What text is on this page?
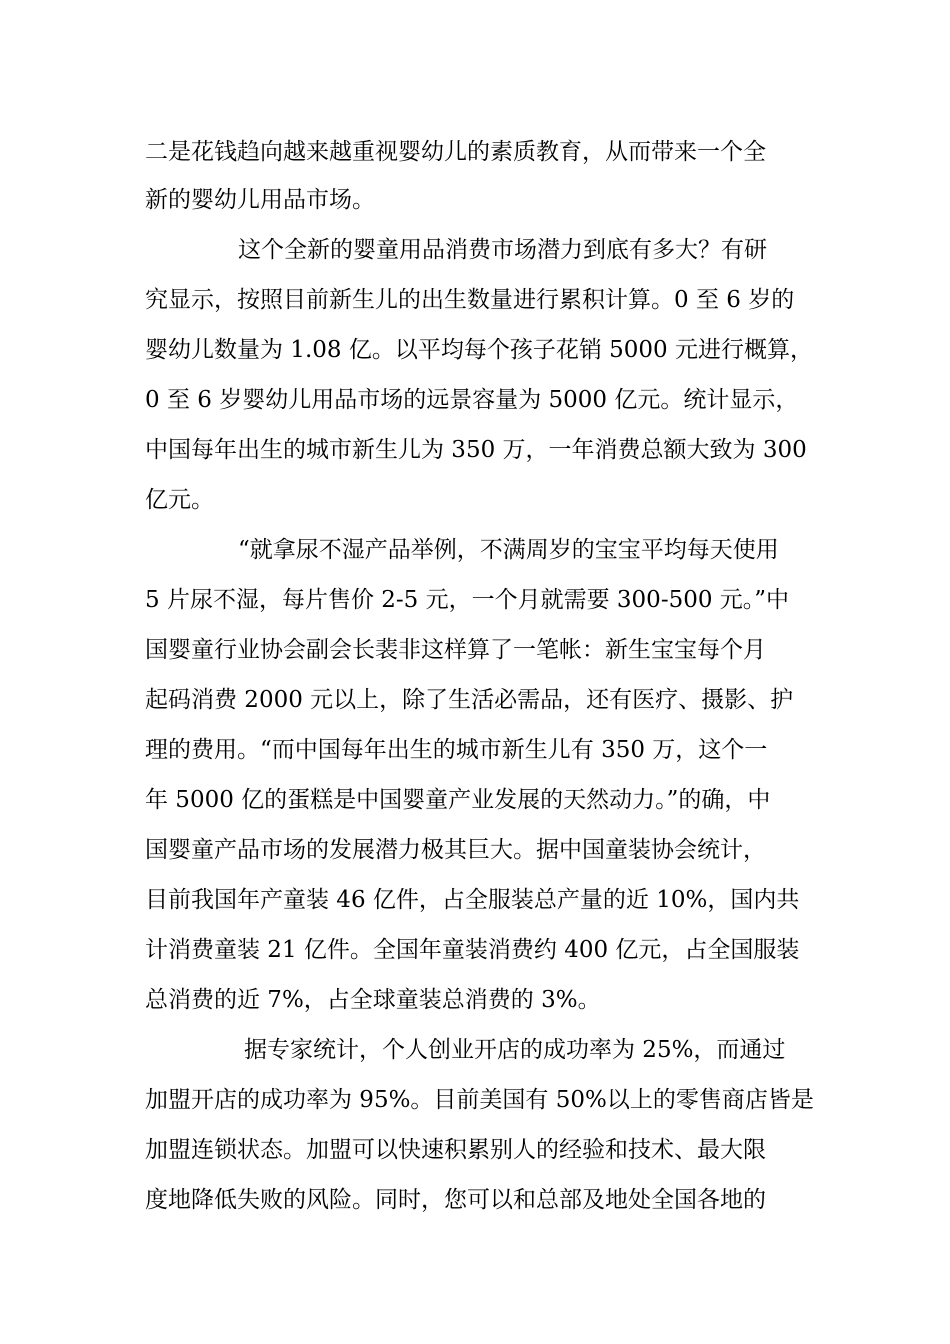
二是花钱趋向越来越重视婴幼儿的素质教育，从而带来一个全
新的婴幼儿用品市场。
这个全新的婴童用品消费市场潜力到底有多大？有研
究显示，按照目前新生儿的出生数量进行累积计算。0 至 6 岁的
婴幼儿数量为 1.08 亿。以平均每个孩子花销 5000 元进行概算，
0 至 6 岁婴幼儿用品市场的远景容量为 5000 亿元。统计显示，
中国每年出生的城市新生儿为 350 万，一年消费总额大致为 300
亿元。
“就拿尿不湿产品举例，不满周岁的宝宝平均每天使用
5 片尿不湿，每片售价 2-5 元，一个月就需要 300-500 元。”中
国婴童行业协会副会长裴非这样算了一笔帐：新生宝宝每个月
起码消费 2000 元以上，除了生活必需品，还有医疗、摄影、护
理的费用。“而中国每年出生的城市新生儿有 350 万，这个一
年 5000 亿的蛋糕是中国婴童产业发展的天然动力。”的确，中
国婴童产品市场的发展潜力极其巨大。据中国童装协会统计，
目前我国年产童装 46 亿件，占全服装总产量的近 10%，国内共
计消费童装 21 亿件。全国年童装消费约 400 亿元，占全国服装
总消费的近 7%，占全球童装总消费的 3%。
据专家统计，个人创业开店的成功率为 25%，而通过
加盟开店的成功率为 95%。目前美国有 50%以上的零售商店皆是
加盟连锁状态。加盟可以快速积累别人的经验和技术、最大限
度地降低失败的风险。同时，您可以和总部及地处全国各地的
